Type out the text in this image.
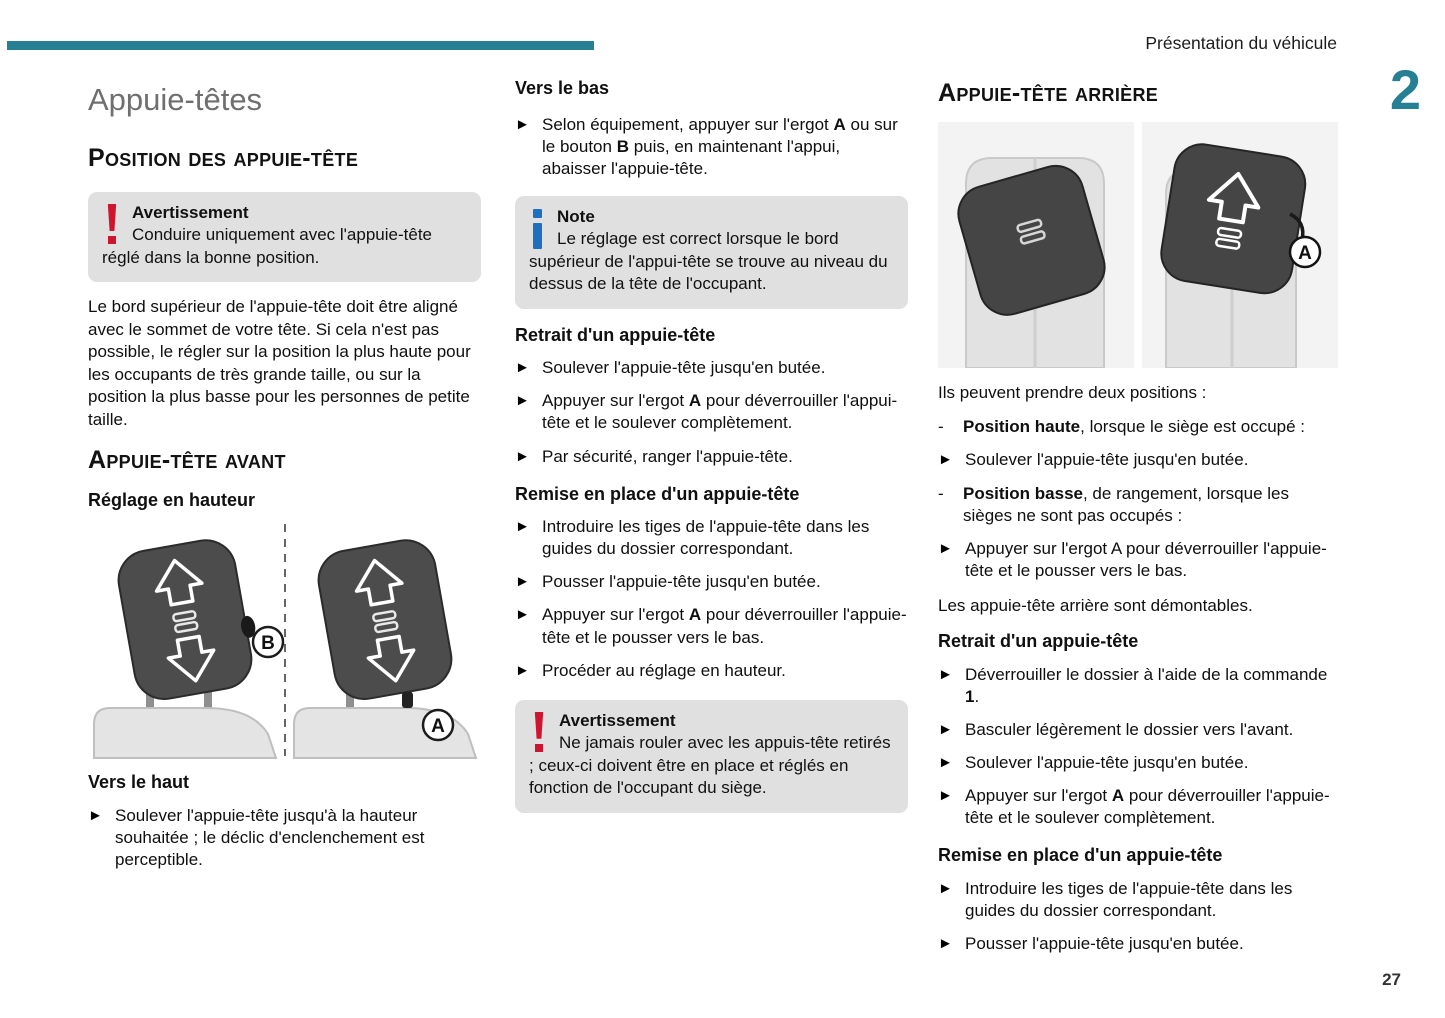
Présentation du véhicule
2
27
Appuie-têtes
Position des appuie-tête
Avertissement
Conduire uniquement avec l'appuie-tête réglé dans la bonne position.

Le bord supérieur de l'appuie-tête doit être aligné avec le sommet de votre tête. Si cela n'est pas possible, le régler sur la position la plus haute pour les occupants de très grande taille, ou sur la position la plus basse pour les personnes de petite taille.

Appuie-tête avant
Réglage en hauteur
B
A
Vers le haut
► Soulever l'appuie-tête jusqu'à la hauteur souhaitée ; le déclic d'enclenchement est perceptible.
Vers le bas
► Selon équipement, appuyer sur l'ergot A ou sur le bouton B puis, en maintenant l'appui, abaisser l'appuie-tête.
Note
Le réglage est correct lorsque le bord supérieur de l'appui-tête se trouve au niveau du dessus de la tête de l'occupant.
Retrait d'un appuie-tête
► Soulever l'appuie-tête jusqu'en butée.
► Appuyer sur l'ergot A pour déverrouiller l'appui-tête et le soulever complètement.
► Par sécurité, ranger l'appuie-tête.
Remise en place d'un appuie-tête
► Introduire les tiges de l'appuie-tête dans les guides du dossier correspondant.
► Pousser l'appuie-tête jusqu'en butée.
► Appuyer sur l'ergot A pour déverrouiller l'appuie-tête et le pousser vers le bas.
► Procéder au réglage en hauteur.
Avertissement
Ne jamais rouler avec les appuis-tête retirés ; ceux-ci doivent être en place et réglés en fonction de l'occupant du siège.
Appuie-tête arrière
A

Ils peuvent prendre deux positions :

-	Position haute, lorsque le siège est occupé :
► Soulever l'appuie-tête jusqu'en butée.
-	Position basse, de rangement, lorsque les sièges ne sont pas occupés :
► Appuyer sur l'ergot A pour déverrouiller l'appuie-tête et le pousser vers le bas.

Les appuie-tête arrière sont démontables.

Retrait d'un appuie-tête
► Déverrouiller le dossier à l'aide de la commande 1.
► Basculer légèrement le dossier vers l'avant.
► Soulever l'appuie-tête jusqu'en butée.
► Appuyer sur l'ergot A pour déverrouiller l'appuie-tête et le soulever complètement.
Remise en place d'un appuie-tête
► Introduire les tiges de l'appuie-tête dans les guides du dossier correspondant.
► Pousser l'appuie-tête jusqu'en butée.
